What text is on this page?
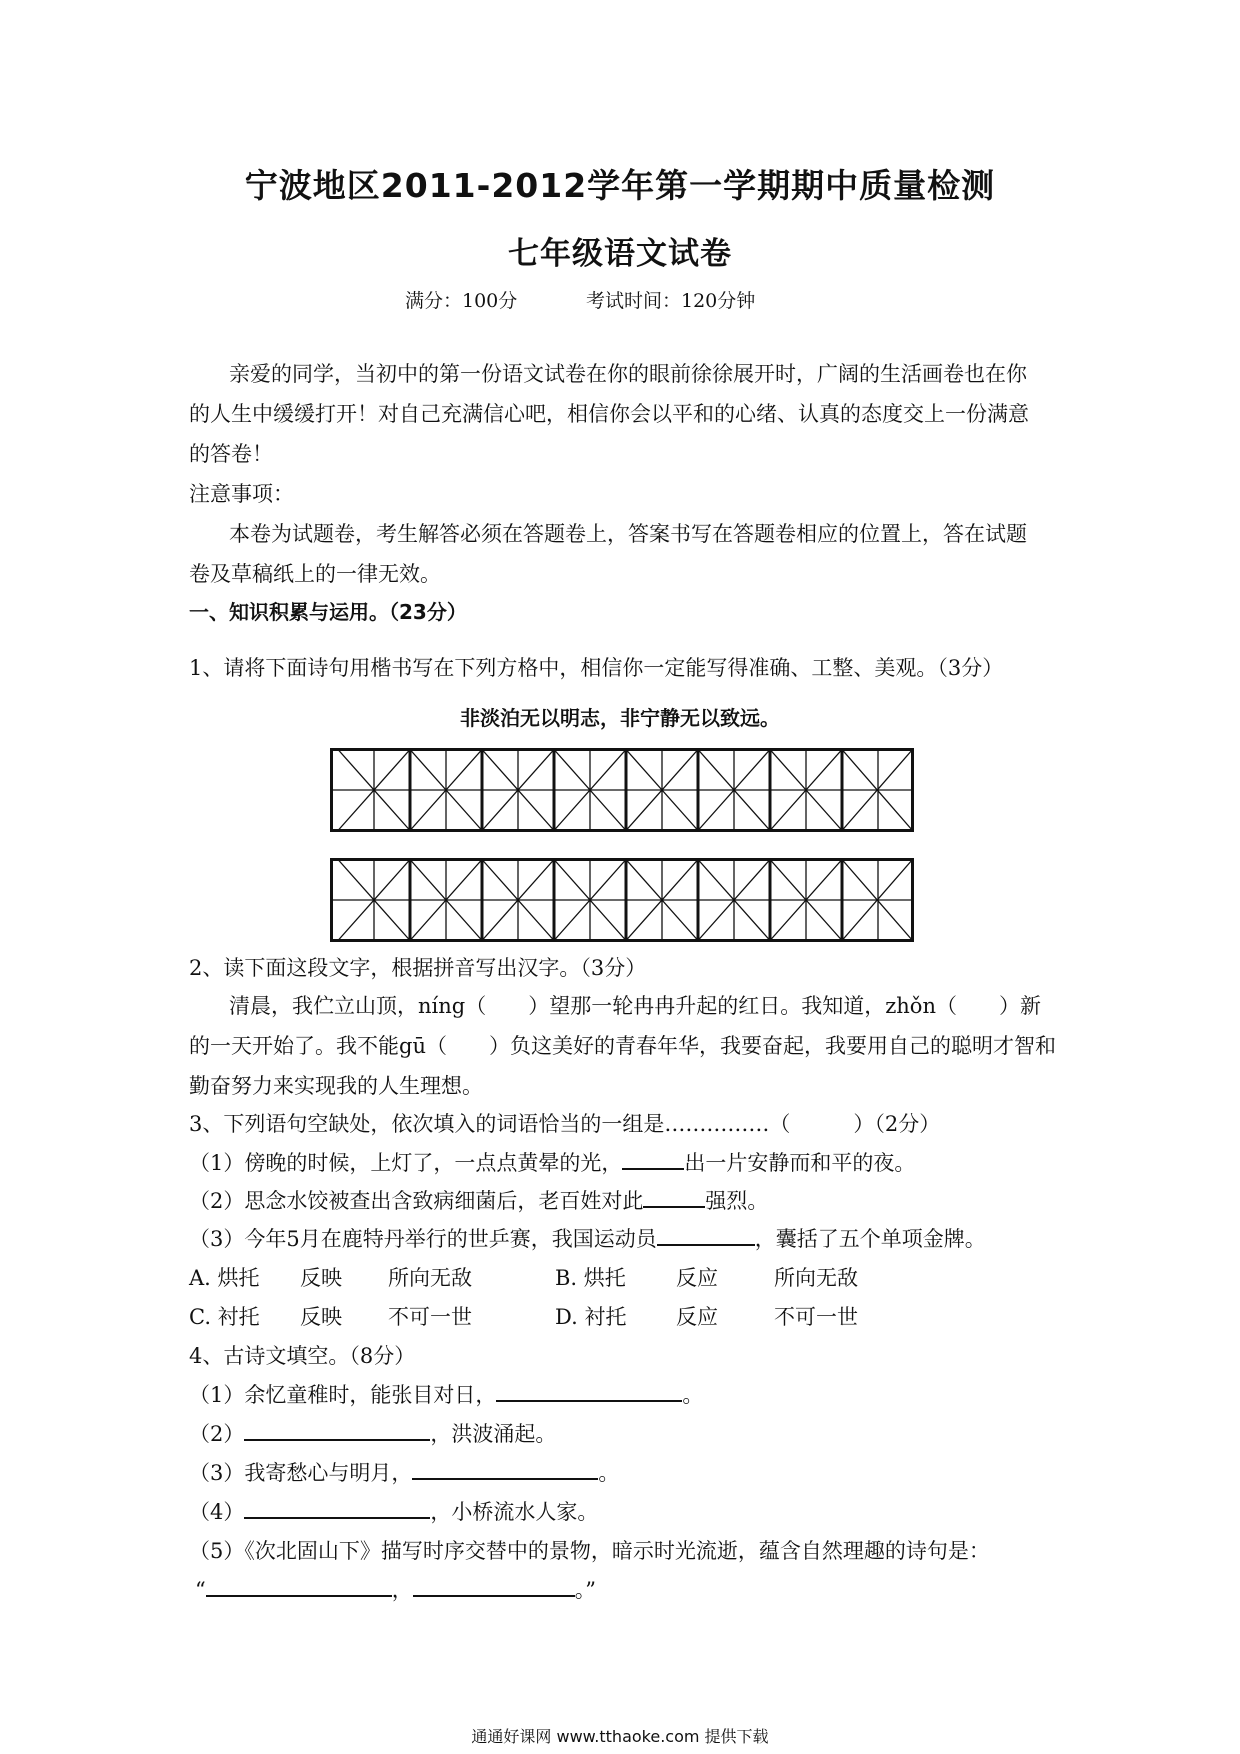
宁波地区2011-2012学年第一学期期中质量检测
七年级语文试卷
满分：100分	考试时间：120分钟
亲爱的同学，当初中的第一份语文试卷在你的眼前徐徐展开时，广阔的生活画卷也在你
的人生中缓缓打开！对自己充满信心吧，相信你会以平和的心绪、认真的态度交上一份满意
的答卷！
注意事项：
本卷为试题卷，考生解答必须在答题卷上，答案书写在答题卷相应的位置上，答在试题
卷及草稿纸上的一律无效。
一、知识积累与运用。（23分）
1、请将下面诗句用楷书写在下列方格中，相信你一定能写得准确、工整、美观。（3分）
非淡泊无以明志，非宁静无以致远。
2、读下面这段文字，根据拼音写出汉字。（3分）
清晨，我伫立山顶，níng（　　）望那一轮冉冉升起的红日。我知道，zhǒn（　　）新
的一天开始了。我不能gū（　　）负这美好的青春年华，我要奋起，我要用自己的聪明才智和
勤奋努力来实现我的人生理想。
3、下列语句空缺处，依次填入的词语恰当的一组是……………（　　　）（2分）
（1）傍晚的时候，上灯了，一点点黄晕的光，	出一片安静而和平的夜。
（2）思念水饺被查出含致病细菌后，老百姓对此	强烈。
（3）今年5月在鹿特丹举行的世乒赛，我国运动员	，囊括了五个单项金牌。
A. 烘托 反映 所向无敌	B. 烘托 反应	所向无敌
C. 衬托 反映 不可一世	D. 衬托 反应	不可一世
4、古诗文填空。（8分）
（1）余忆童稚时，能张目对日，	。
（2）	，洪波涌起。
（3）我寄愁心与明月，	。
（4）	，小桥流水人家。
（5）《次北固山下》描写时序交替中的景物，暗示时光流逝，蕴含自然理趣的诗句是：
“	，	。”
通通好课网 www.tthaoke.com 提供下载
